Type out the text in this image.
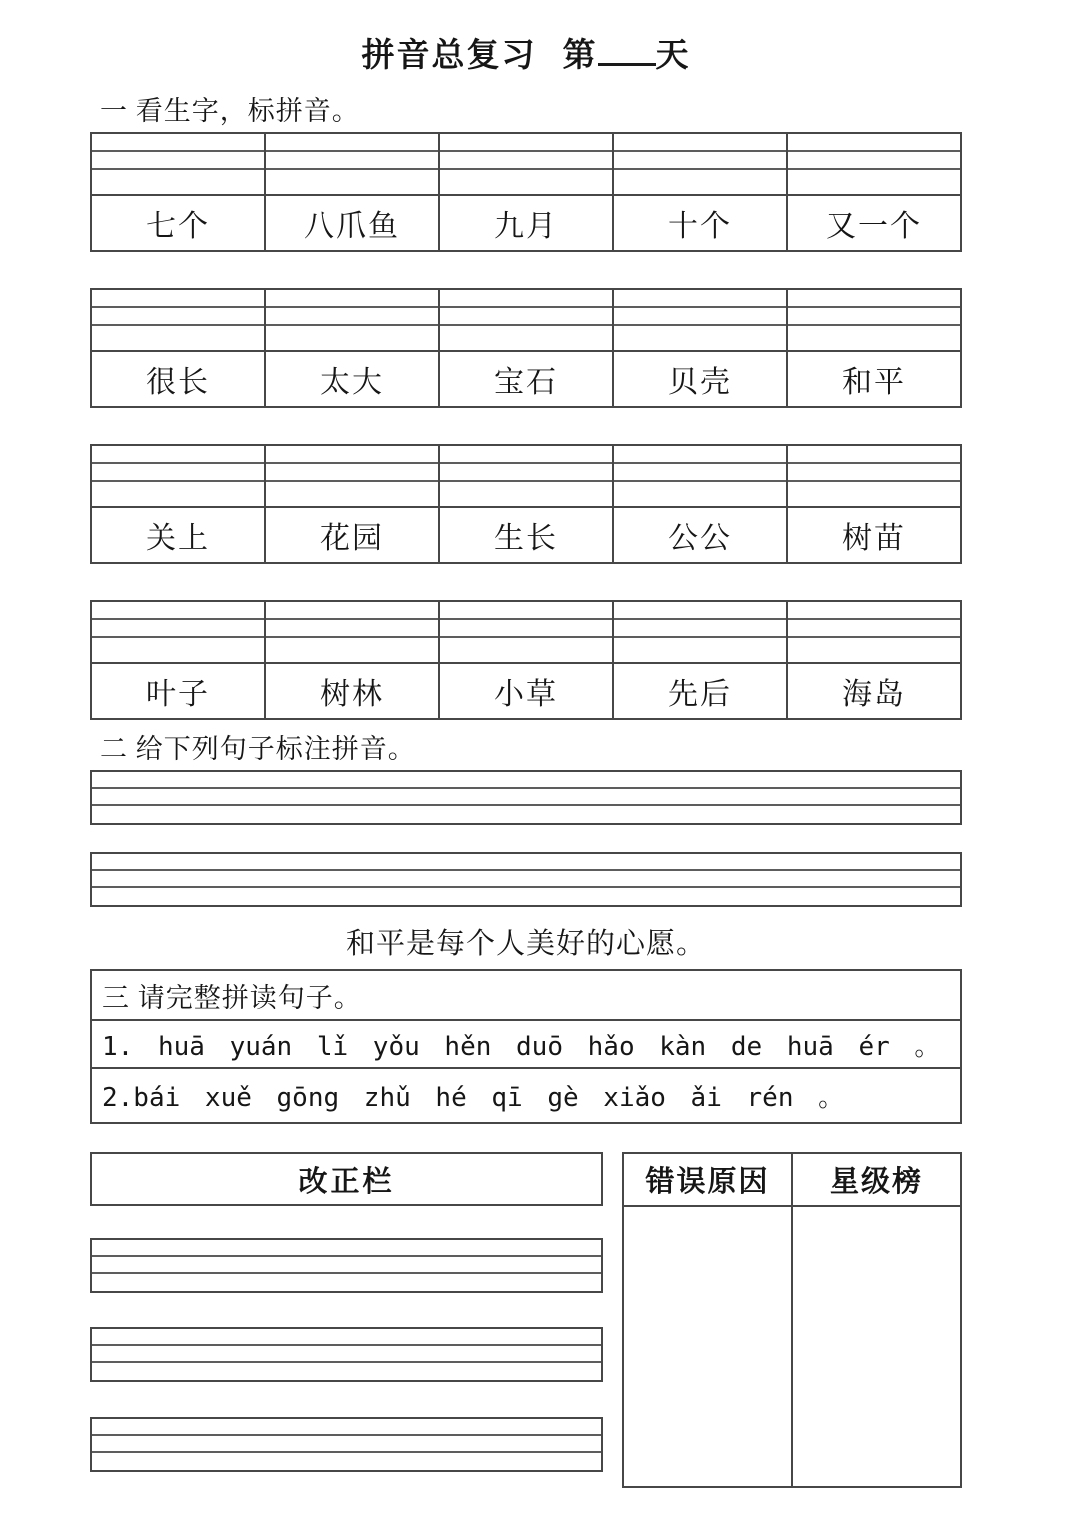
拼音总复习 第 天
一 看生字，标拼音。

七个	八爪鱼	九月	十个	又一个

很长	太大	宝石	贝壳	和平

关上	花园	生长	公公	树苗

叶子	树林	小草	先后	海岛
二 给下列句子标注拼音。
和平是每个人美好的心愿。
三 请完整拼读句子。
1. huā yuán lǐ yǒu hěn duō hǎo kàn de huā ér 。
2.bái xuě gōng zhǔ hé qī gè xiǎo ǎi rén 。
改正栏	错误原因	星级榜
